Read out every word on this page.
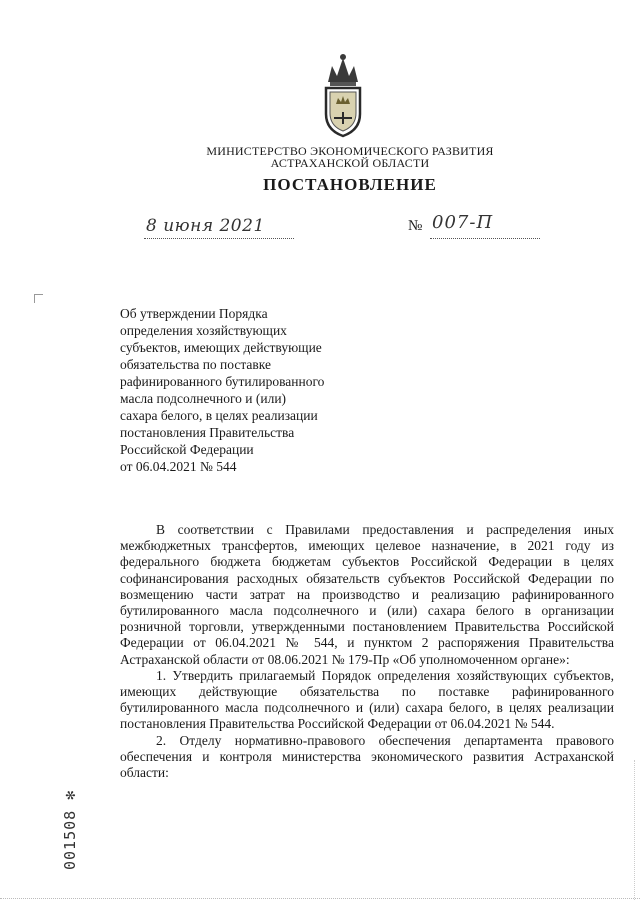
МИНИСТЕРСТВО ЭКОНОМИЧЕСКОГО РАЗВИТИЯ
АСТРАХАНСКОЙ ОБЛАСТИ
ПОСТАНОВЛЕНИЕ
8 июня 2021	№ 007-П
Об утверждении Порядка
определения хозяйствующих
субъектов, имеющих действующие
обязательства по поставке
рафинированного бутилированного
масла подсолнечного и (или)
сахара белого, в целях реализации
постановления Правительства
Российской Федерации
от 06.04.2021 № 544

В соответствии с Правилами предоставления и распределения иных межбюджетных трансфертов, имеющих целевое назначение, в 2021 году из федерального бюджета бюджетам субъектов Российской Федерации в целях софинансирования расходных обязательств субъектов Российской Федерации по возмещению части затрат на производство и реализацию рафинированного бутилированного масла подсолнечного и (или) сахара белого в организации розничной торговли, утвержденными постановлением Правительства Российской Федерации от 06.04.2021 № 544, и пунктом 2 распоряжения Правительства Астраханской области от 08.06.2021 № 179-Пр «Об уполномоченном органе»:

1. Утвердить прилагаемый Порядок определения хозяйствующих субъектов, имеющих действующие обязательства по поставке рафинированного бутилированного масла подсолнечного и (или) сахара белого, в целях реализации постановления Правительства Российской Федерации от 06.04.2021 № 544.

2. Отделу нормативно-правового обеспечения департамента правового обеспечения и контроля министерства экономического развития Астраханской области:

001508 ✻
